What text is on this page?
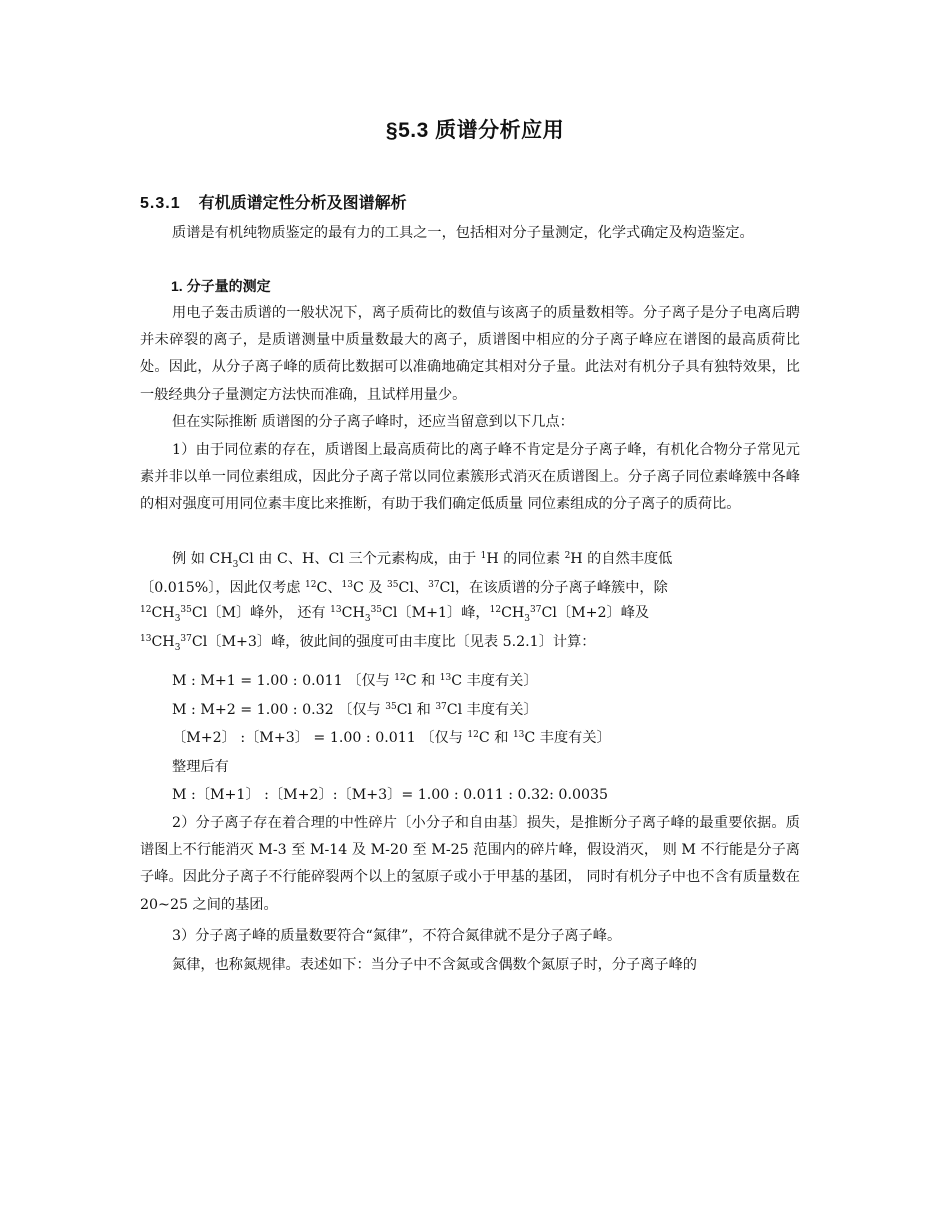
§5.3 质谱分析应用
5.3.1 有机质谱定性分析及图谱解析
质谱是有机纯物质鉴定的最有力的工具之一，包括相对分子量测定，化学式确定及构造鉴定。
1. 分子量的测定
用电子轰击质谱的一般状况下，离子质荷比的数值与该离子的质量数相等。分子离子是分子电离后聘并未碎裂的离子，是质谱测量中质量数最大的离子，质谱图中相应的分子离子峰应在谱图的最高质荷比处。因此，从分子离子峰的质荷比数据可以准确地确定其相对分子量。此法对有机分子具有独特效果，比一般经典分子量测定方法快而准确，且试样用量少。
但在实际推断 质谱图的分子离子峰时，还应当留意到以下几点：
1）由于同位素的存在，质谱图上最高质荷比的离子峰不肯定是分子离子峰，有机化合物分子常见元素并非以单一同位素组成，因此分子离子常以同位素簇形式消灭在质谱图上。分子离子同位素峰簇中各峰的相对强度可用同位素丰度比来推断，有助于我们确定低质量 同位素组成的分子离子的质荷比。
例 如 $CH_3Cl$ 由 C、H、Cl 三个元素构成，由于 $^1$H 的同位素 $^2$H 的自然丰度低
〔0.015%〕，因此仅考虑 $^{12}$C、$^{13}$C 及 $^{35}$Cl、$^{37}$Cl，在该质谱的分子离子峰簇中，除
$^{12}CH_3^{35}Cl$〔M〕峰外， 还有 $^{13}CH_3^{35}Cl$〔M+1〕峰，$^{12}CH_3^{37}Cl$〔M+2〕峰及
$^{13}CH_3^{37}Cl$〔M+3〕峰，彼此间的强度可由丰度比〔见表 5.2.1〕计算：
M : M+1 = 1.00 : 0.011 〔仅与 $^{12}$C 和 $^{13}$C 丰度有关〕
M : M+2 = 1.00 : 0.32 〔仅与 $^{35}$Cl 和 $^{37}$Cl 丰度有关〕
〔M+2〕 :〔M+3〕 = 1.00 : 0.011 〔仅与 $^{12}$C 和 $^{13}$C 丰度有关〕
整理后有
M :〔M+1〕 :〔M+2〕:〔M+3〕= 1.00 : 0.011 : 0.32: 0.0035
2）分子离子存在着合理的中性碎片〔小分子和自由基〕损失，是推断分子离子峰的最重要依据。质谱图上不行能消灭 M-3 至 M-14 及 M-20 至 M-25 范围内的碎片峰，假设消灭， 则 M 不行能是分子离子峰。因此分子离子不行能碎裂两个以上的氢原子或小于甲基的基团， 同时有机分子中也不含有质量数在 20~25 之间的基团。
3）分子离子峰的质量数要符合“氮律”，不符合氮律就不是分子离子峰。
氮律，也称氮规律。表述如下：当分子中不含氮或含偶数个氮原子时，分子离子峰的
